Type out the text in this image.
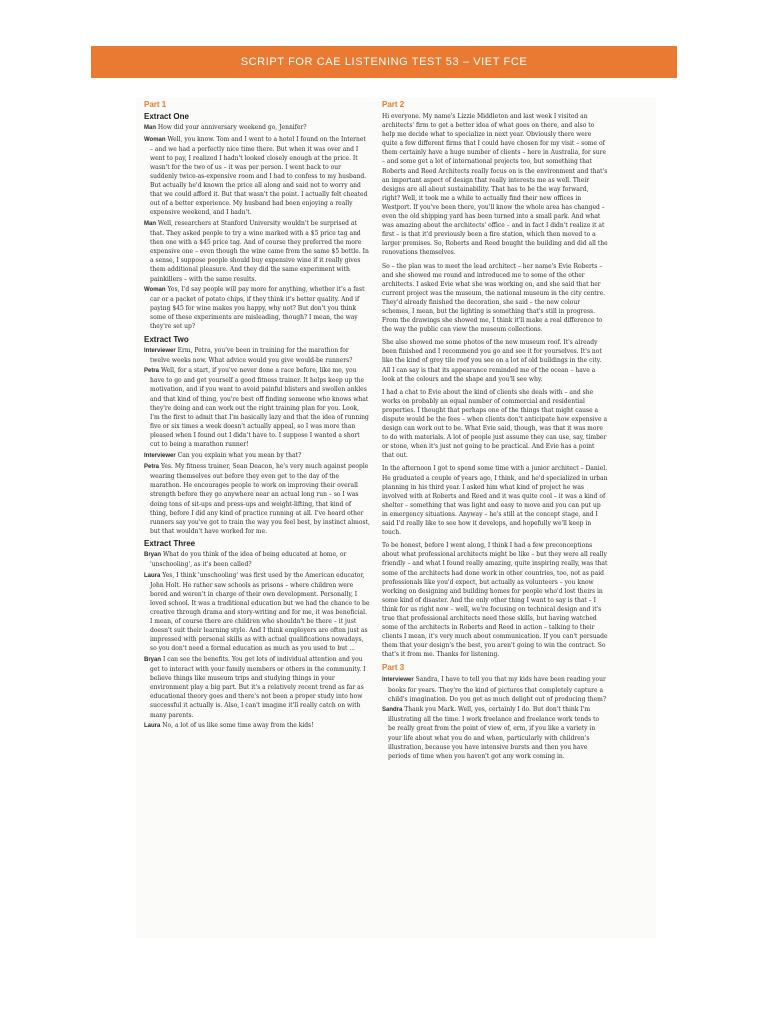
SCRIPT FOR CAE LISTENING TEST 53 – VIET FCE
Part 1
Extract One

Man How did your anniversary weekend go, Jennifer?

Woman Well, you know. Tom and I went to a hotel I found on the Internet – and we had a perfectly nice time there. But when it was over and I went to pay, I realized I hadn't looked closely enough at the price. It wasn't for the two of us – it was per person. I went back to our suddenly twice-as-expensive room and I had to confess to my husband. But actually he'd known the price all along and said not to worry and that we could afford it. But that wasn't the point. I actually felt cheated out of a better experience. My husband had been enjoying a really expensive weekend, and I hadn't.

Man Well, researchers at Stanford University wouldn't be surprised at that. They asked people to try a wine marked with a $5 price tag and then one with a $45 price tag. And of course they preferred the more expensive one – even though the wine came from the same $5 bottle. In a sense, I suppose people should buy expensive wine if it really gives them additional pleasure. And they did the same experiment with painkillers – with the same results.

Woman Yes, I'd say people will pay more for anything, whether it's a fast car or a packet of potato chips, if they think it's better quality. And if paying $45 for wine makes you happy, why not? But don't you think some of these experiments are misleading, though? I mean, the way they're set up?

Extract Two

Interviewer Erm, Petra, you've been in training for the marathon for twelve weeks now. What advice would you give would-be runners?

Petra Well, for a start, if you've never done a race before, like me, you have to go and get yourself a good fitness trainer. It helps keep up the motivation, and if you want to avoid painful blisters and swollen ankles and that kind of thing, you're best off finding someone who knows what they're doing and can work out the right training plan for you. Look, I'm the first to admit that I'm basically lazy and that the idea of running five or six times a week doesn't actually appeal, so I was more than pleased when I found out I didn't have to. I suppose I wanted a short cut to being a marathon runner!

Interviewer Can you explain what you mean by that?

Petra Yes. My fitness trainer, Sean Deacon, he's very much against people wearing themselves out before they even get to the day of the marathon. He encourages people to work on improving their overall strength before they go anywhere near an actual long run – so I was doing tons of sit-ups and press-ups and weight-lifting, that kind of thing, before I did any kind of practice running at all. I've heard other runners say you've got to train the way you feel best, by instinct almost, but that wouldn't have worked for me.

Extract Three

Bryan What do you think of the idea of being educated at home, or 'unschooling', as it's been called?

Laura Yes, I think 'unschooling' was first used by the American educator, John Holt. He rather saw schools as prisons – where children were bored and weren't in charge of their own development. Personally, I loved school. It was a traditional education but we had the chance to be creative through drama and story-writing and for me, it was beneficial. I mean, of course there are children who shouldn't be there – it just doesn't suit their learning style. And I think employers are often just as impressed with personal skills as with actual qualifications nowadays, so you don't need a formal education as much as you used to but ...

Bryan I can see the benefits. You get lots of individual attention and you get to interact with your family members or others in the community. I believe things like museum trips and studying things in your environment play a big part. But it's a relatively recent trend as far as educational theory goes and there's not been a proper study into how successful it actually is. Also, I can't imagine it'll really catch on with many parents.

Laura No, a lot of us like some time away from the kids!

Part 2

Hi everyone. My name's Lizzie Middleton and last week I visited an architects' firm to get a better idea of what goes on there, and also to help me decide what to specialize in next year. Obviously there were quite a few different firms that I could have chosen for my visit – some of them certainly have a huge number of clients – here in Australia, for sure – and some get a lot of international projects too, but something that Roberts and Reed Architects really focus on is the environment and that's an important aspect of design that really interests me as well. Their designs are all about sustainability. That has to be the way forward, right? Well, it took me a while to actually find their new offices in Westport. If you've been there, you'll know the whole area has changed – even the old shipping yard has been turned into a small park. And what was amazing about the architects' office – and in fact I didn't realize it at first – is that it'd previously been a fire station, which then moved to a larger premises. So, Roberts and Reed bought the building and did all the renovations themselves.

So – the plan was to meet the lead architect – her name's Evie Roberts – and she showed me round and introduced me to some of the other architects. I asked Evie what she was working on, and she said that her current project was the museum, the national museum in the city centre. They'd already finished the decoration, she said – the new colour schemes, I mean, but the lighting is something that's still in progress. From the drawings she showed me, I think it'll make a real difference to the way the public can view the museum collections.

She also showed me some photos of the new museum roof. It's already been finished and I recommend you go and see it for yourselves. It's not like the kind of grey tile roof you see on a lot of old buildings in the city. All I can say is that its appearance reminded me of the ocean – have a look at the colours and the shape and you'll see why.

I had a chat to Evie about the kind of clients she deals with – and she works on probably an equal number of commercial and residential properties. I thought that perhaps one of the things that might cause a dispute would be the fees – when clients don't anticipate how expensive a design can work out to be. What Evie said, though, was that it was more to do with materials. A lot of people just assume they can use, say, timber or stone, when it's just not going to be practical. And Evie has a point that out.

In the afternoon I got to spend some time with a junior architect – Daniel. He graduated a couple of years ago, I think, and he'd specialized in urban planning in his third year. I asked him what kind of project he was involved with at Roberts and Reed and it was quite cool – it was a kind of shelter – something that was light and easy to move and you can put up in emergency situations. Anyway – he's still at the concept stage, and I said I'd really like to see how it develops, and hopefully we'll keep in touch.

To be honest, before I went along, I think I had a few preconceptions about what professional architects might be like – but they were all really friendly – and what I found really amazing, quite inspiring really, was that some of the architects had done work in other countries, too, not as paid professionals like you'd expect, but actually as volunteers – you know working on designing and building homes for people who'd lost theirs in some kind of disaster. And the only other thing I want to say is that – I think for us right now – well, we're focusing on technical design and it's true that professional architects need those skills, but having watched some of the architects in Roberts and Reed in action – talking to their clients I mean, it's very much about communication. If you can't persuade them that your design's the best, you aren't going to win the contract. So that's it from me. Thanks for listening.

Part 3

Interviewer Sandra, I have to tell you that my kids have been reading your books for years. They're the kind of pictures that completely capture a child's imagination. Do you get as much delight out of producing them?

Sandra Thank you Mark. Well, yes, certainly I do. But don't think I'm illustrating all the time. I work freelance and freelance work tends to be really great from the point of view of, erm, if you like a variety in your life about what you do and when, particularly with children's illustration, because you have intensive bursts and then you have periods of time when you haven't got any work coming in.
